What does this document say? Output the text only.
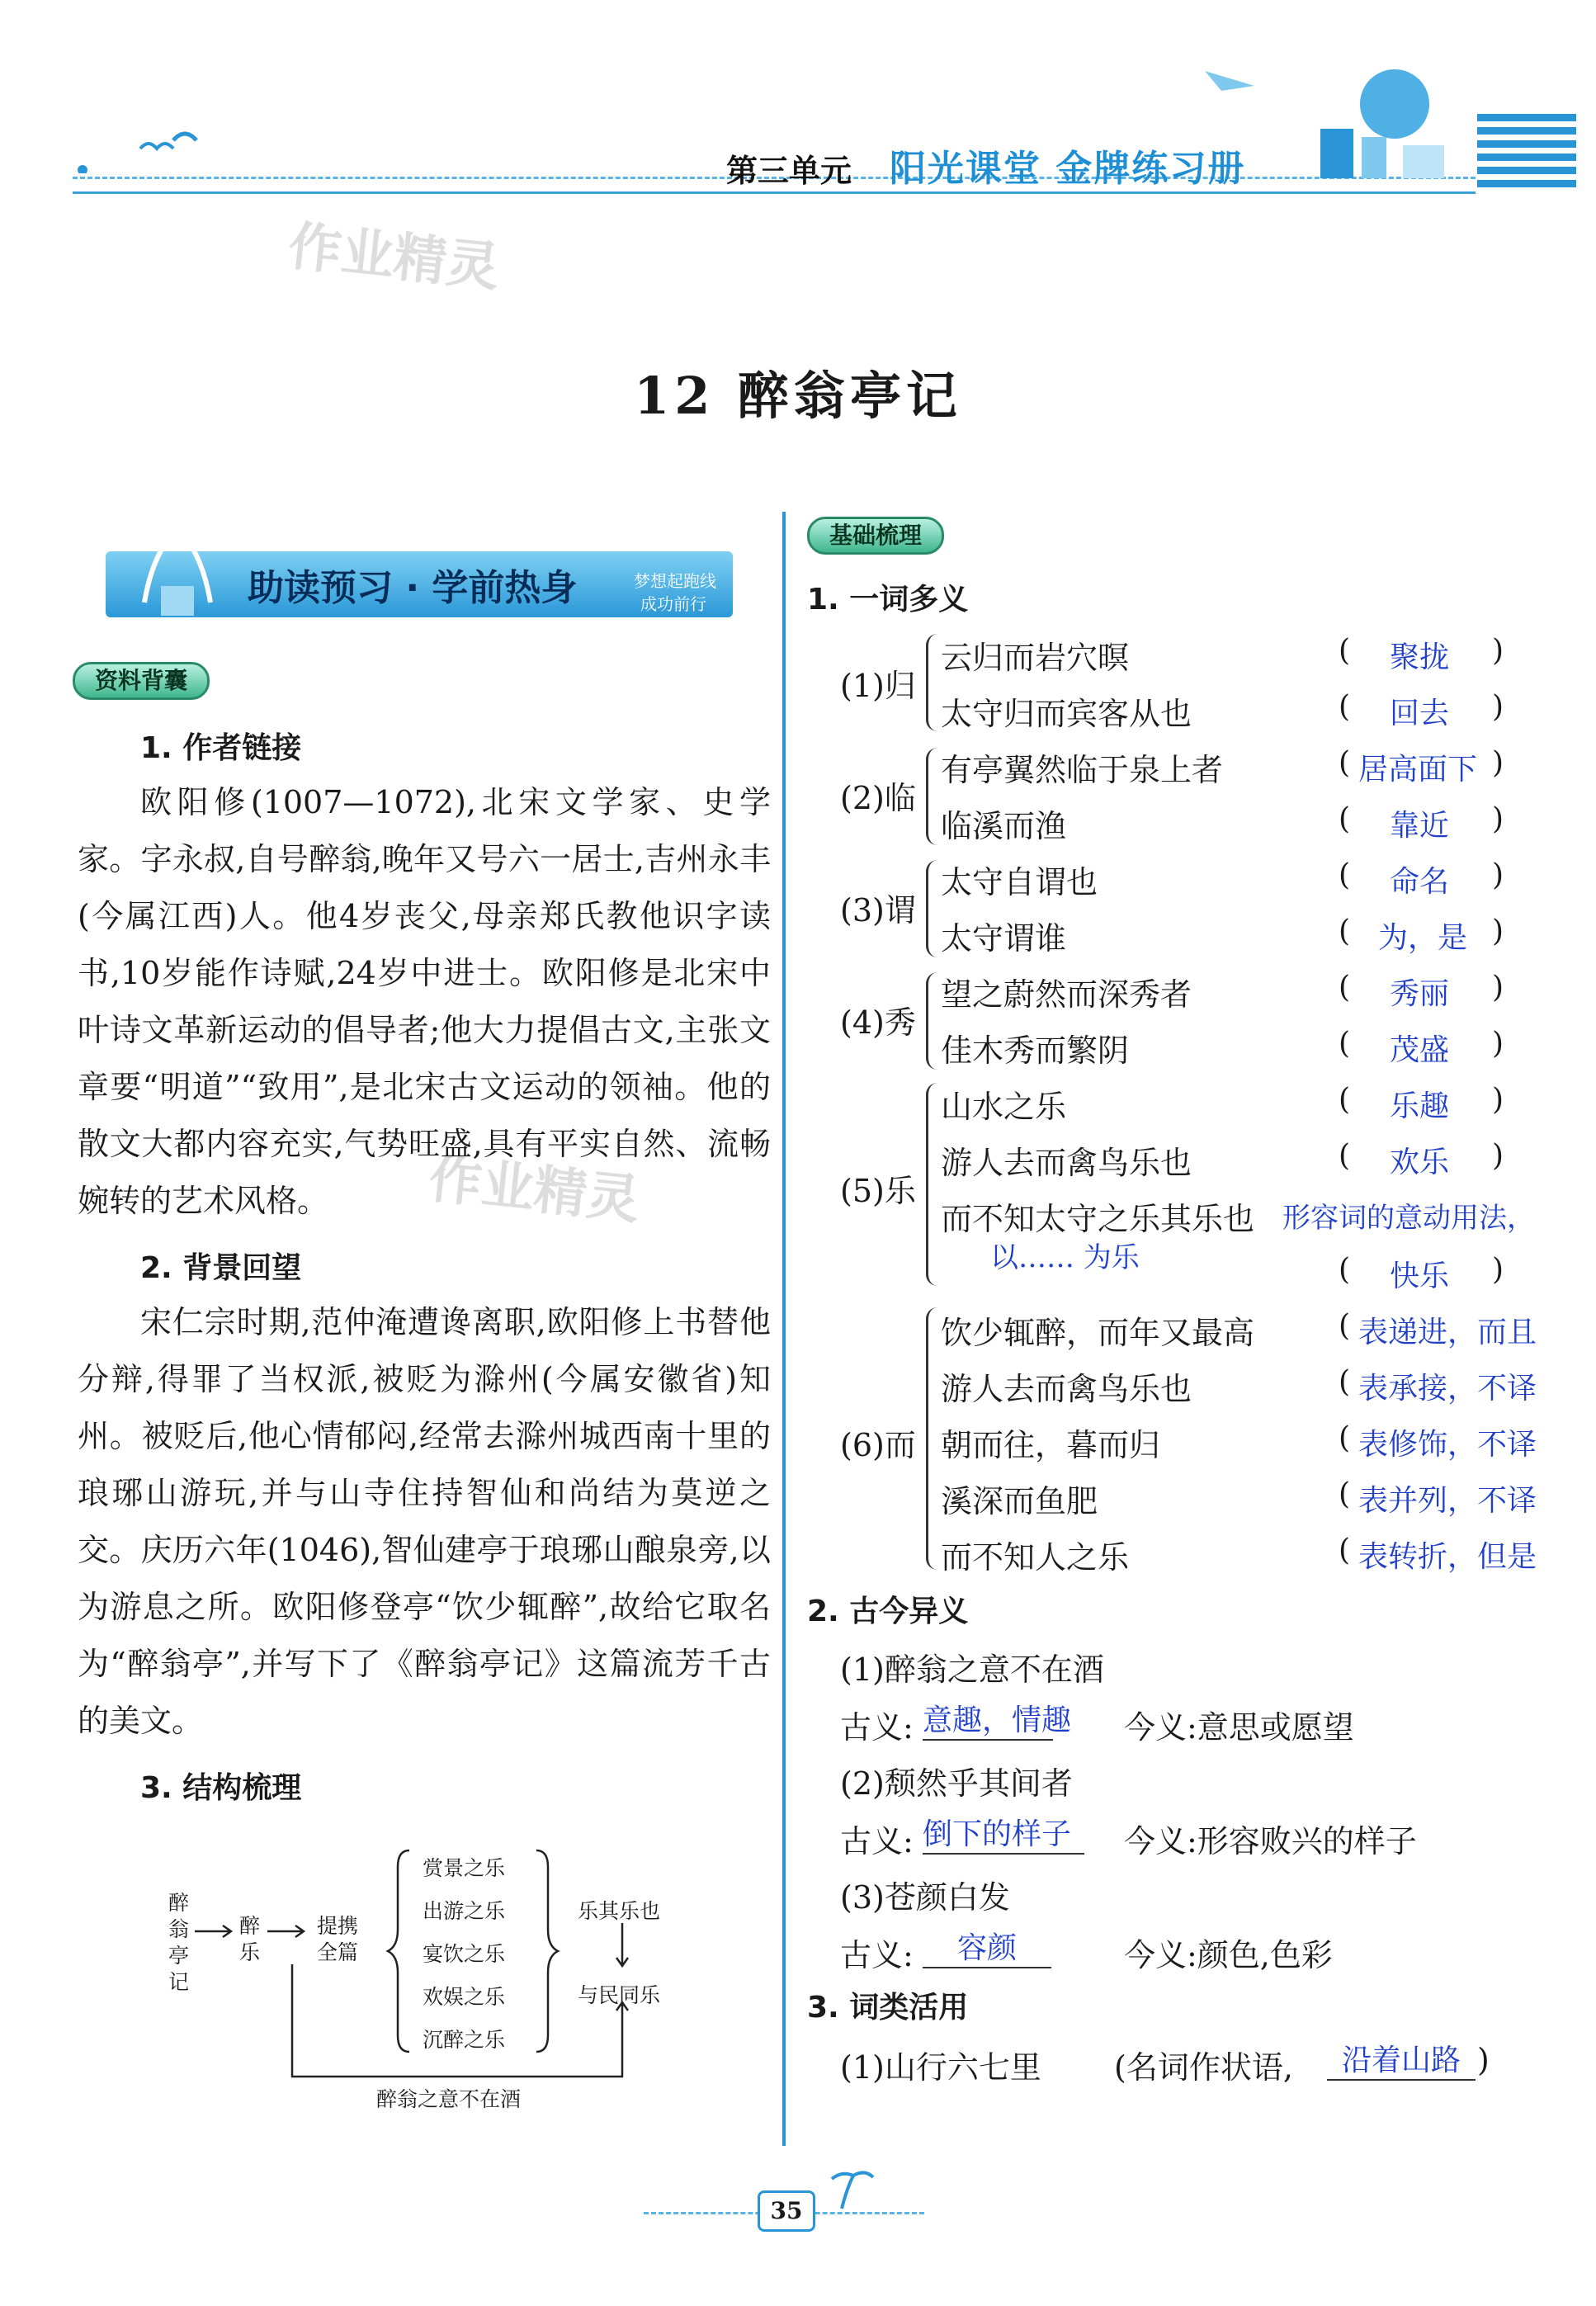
第三单元 阳光课堂 金牌练习册
作业精灵
作业精灵
12 醉翁亭记
助读预习 · 学前热身	梦想起跑线
成功前行
资料背囊
1. 作者链接
欧阳修(1007—1072),北宋文学家、史学家。字永叔,自号醉翁,晚年又号六一居士,吉州永丰(今属江西)人。他4岁丧父,母亲郑氏教他识字读书,10岁能作诗赋,24岁中进士。欧阳修是北宋中叶诗文革新运动的倡导者;他大力提倡古文,主张文章要“明道”“致用”,是北宋古文运动的领袖。他的散文大都内容充实,气势旺盛,具有平实自然、流畅婉转的艺术风格。
2. 背景回望
宋仁宗时期,范仲淹遭谗离职,欧阳修上书替他分辩,得罪了当权派,被贬为滁州(今属安徽省)知州。被贬后,他心情郁闷,经常去滁州城西南十里的琅琊山游玩,并与山寺住持智仙和尚结为莫逆之交。庆历六年(1046),智仙建亭于琅琊山酿泉旁,以为游息之所。欧阳修登亭“饮少辄醉”,故给它取名为“醉翁亭”,并写下了《醉翁亭记》这篇流芳千古的美文。
3. 结构梳理
醉翁亭记
醉乐
提携全篇
赏景之乐
出游之乐
宴饮之乐
欢娱之乐
沉醉之乐
乐其乐也
与民同乐
醉翁之意不在酒
基础梳理
1. 一词多义
(1)归
云归而岩穴暝	( 聚拢 )
太守归而宾客从也	( 回去 )
(2)临
有亭翼然临于泉上者	( 居高面下 )
临溪而渔	( 靠近 )
(3)谓
太守自谓也	( 命名 )
太守谓谁	( 为，是 )
(4)秀
望之蔚然而深秀者	( 秀丽 )
佳木秀而繁阴	( 茂盛 )
(5)乐
山水之乐	( 乐趣 )
游人去而禽鸟乐也	( 欢乐 )
而不知太守之乐其乐也 形容词的意动用法，
以…… 为乐	( 快乐 )
(6)而
饮少辄醉，而年又最高	( 表递进，而且
游人去而禽鸟乐也	( 表承接，不译
朝而往，暮而归	( 表修饰，不译
溪深而鱼肥	( 表并列，不译
而不知人之乐	( 表转折，但是
2. 古今异义
(1)醉翁之意不在酒
古义: 意趣，情趣 今义:意思或愿望
(2)颓然乎其间者
古义: 倒下的样子	今义:形容败兴的样子
(3)苍颜白发
古义:	容颜	今义:颜色,色彩
3. 词类活用
(1)山行六七里 (名词作状语,	沿着山路 )
35
